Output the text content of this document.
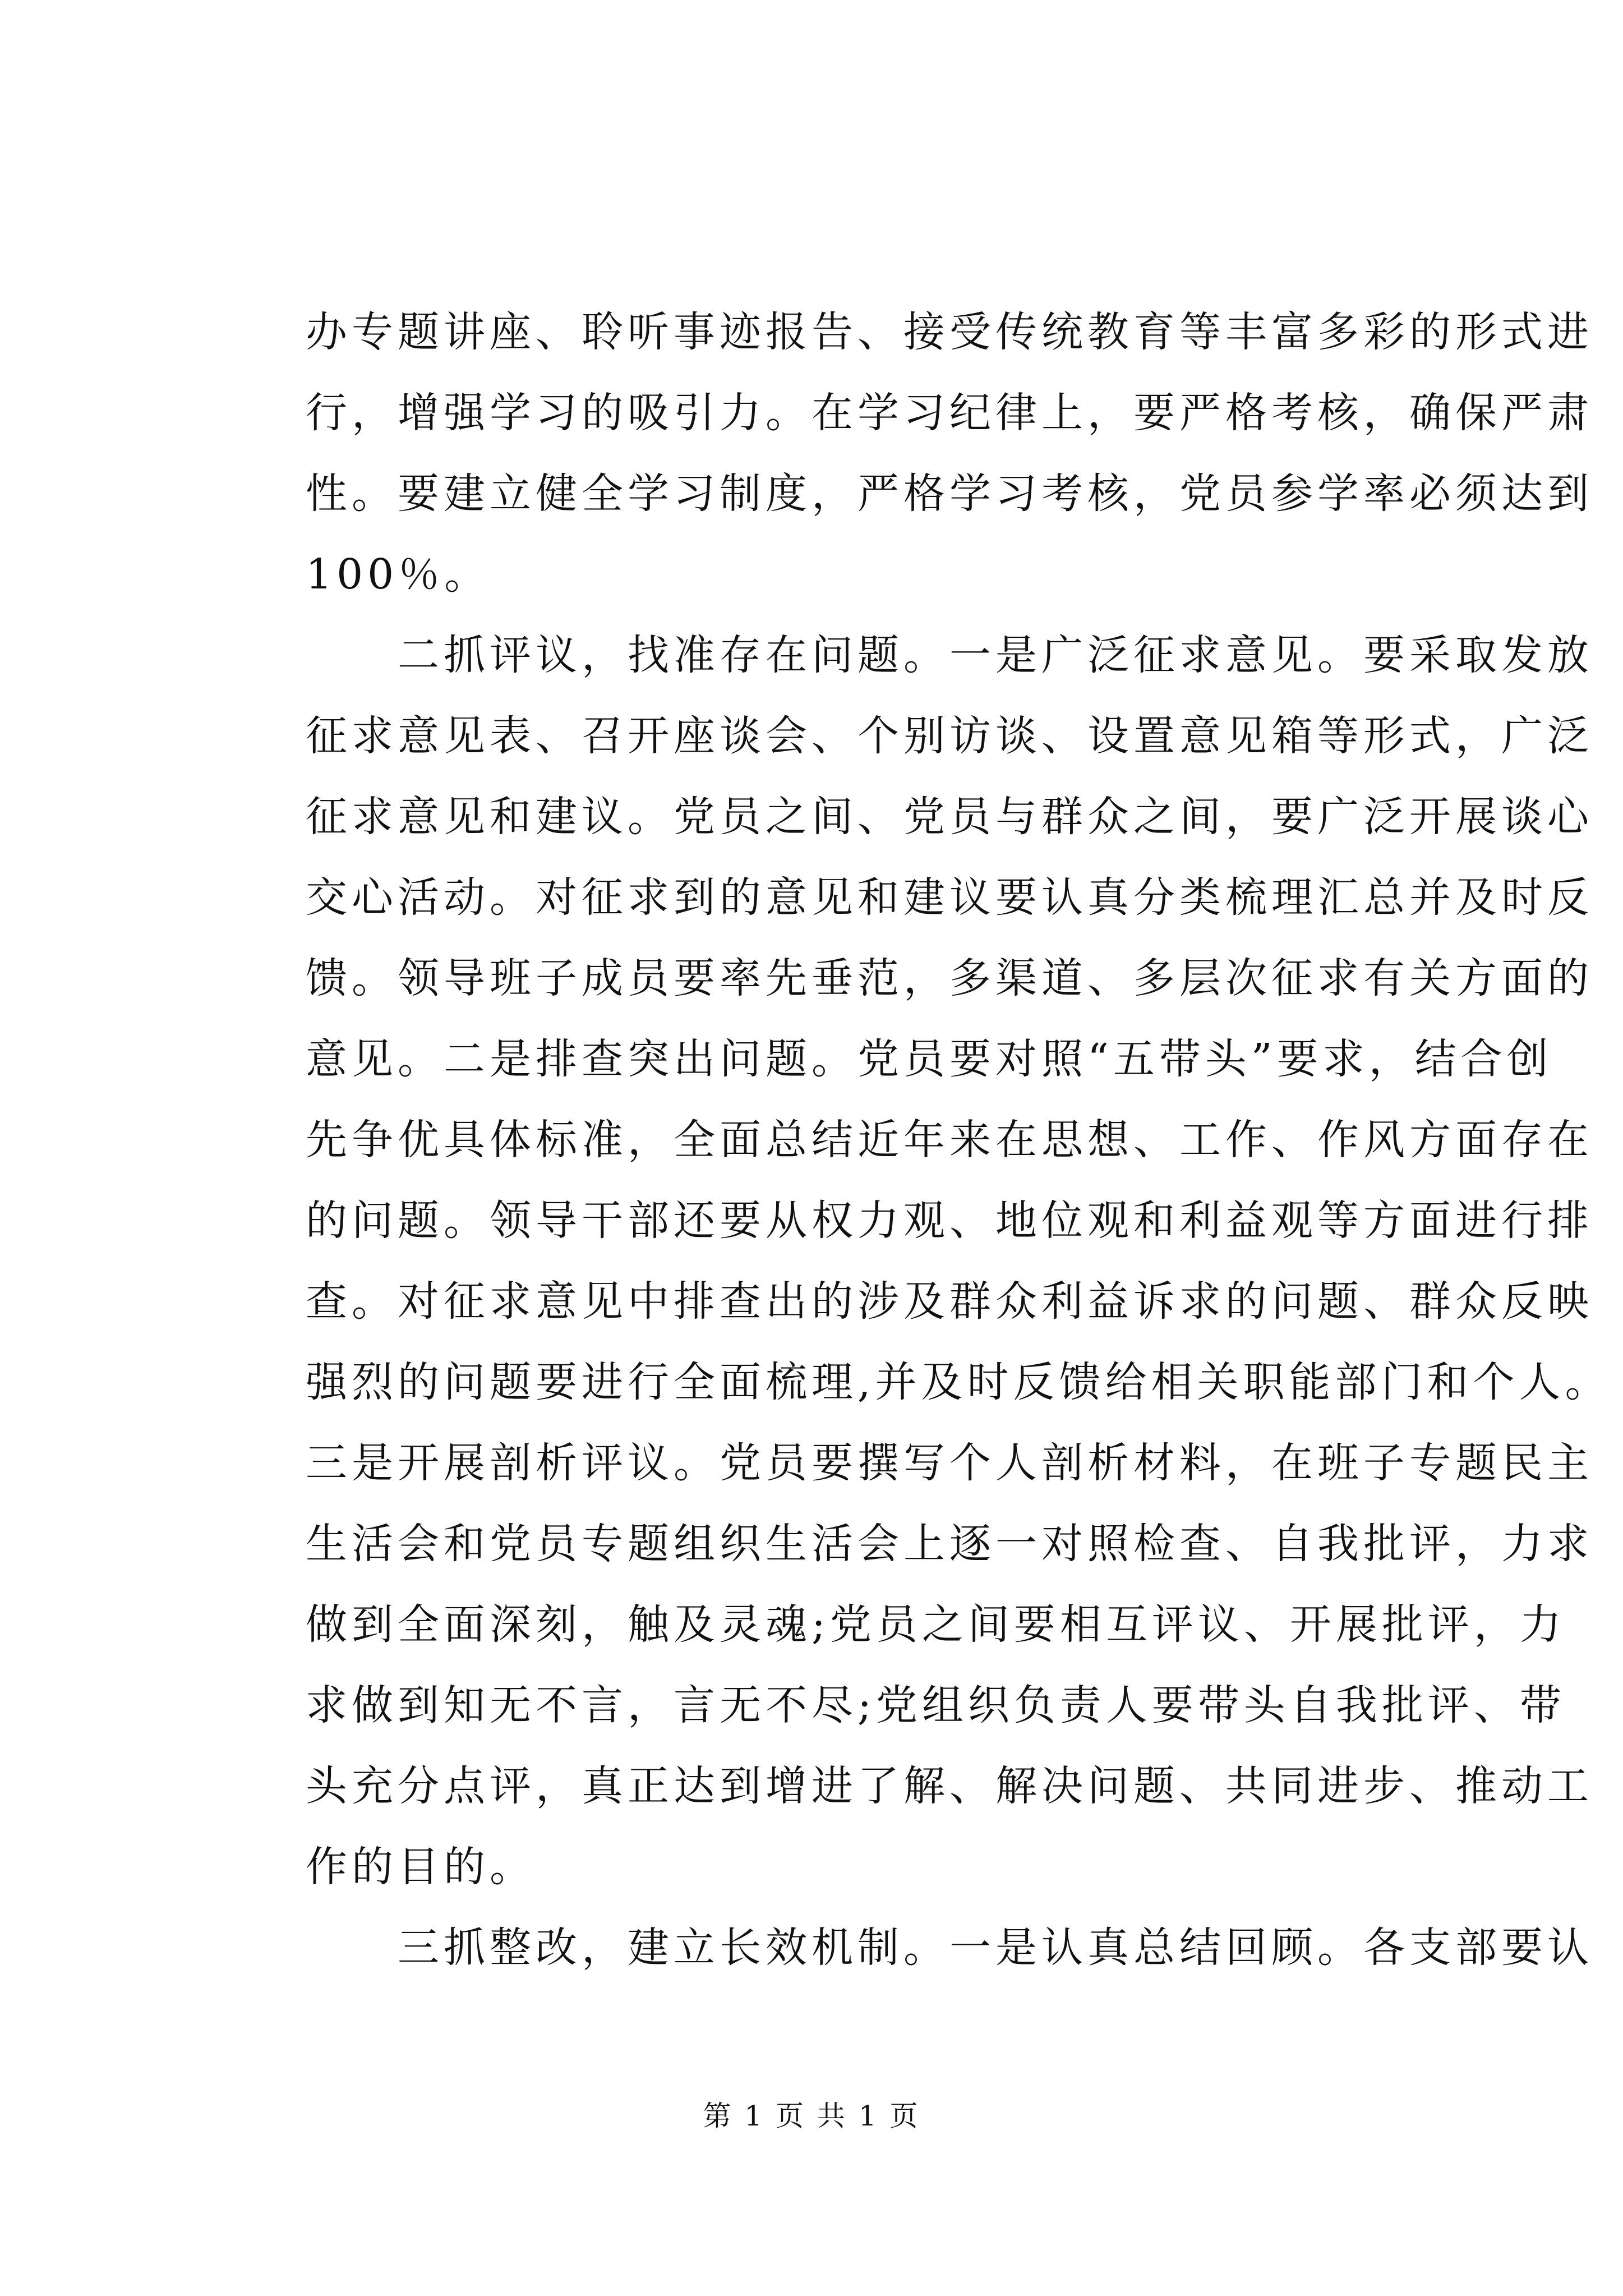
办专题讲座、聆听事迹报告、接受传统教育等丰富多彩的形式进
行，增强学习的吸引力。在学习纪律上，要严格考核，确保严肃
性。要建立健全学习制度，严格学习考核，党员参学率必须达到
100％。
　　二抓评议，找准存在问题。一是广泛征求意见。要采取发放
征求意见表、召开座谈会、个别访谈、设置意见箱等形式，广泛
征求意见和建议。党员之间、党员与群众之间，要广泛开展谈心
交心活动。对征求到的意见和建议要认真分类梳理汇总并及时反
馈。领导班子成员要率先垂范，多渠道、多层次征求有关方面的
意见。二是排查突出问题。党员要对照“五带头”要求，结合创
先争优具体标准，全面总结近年来在思想、工作、作风方面存在
的问题。领导干部还要从权力观、地位观和利益观等方面进行排
查。对征求意见中排查出的涉及群众利益诉求的问题、群众反映
强烈的问题要进行全面梳理,并及时反馈给相关职能部门和个人。
三是开展剖析评议。党员要撰写个人剖析材料，在班子专题民主
生活会和党员专题组织生活会上逐一对照检查、自我批评，力求
做到全面深刻，触及灵魂;党员之间要相互评议、开展批评，力
求做到知无不言，言无不尽;党组织负责人要带头自我批评、带
头充分点评，真正达到增进了解、解决问题、共同进步、推动工
作的目的。
　　三抓整改，建立长效机制。一是认真总结回顾。各支部要认
第 1 页 共 1 页
